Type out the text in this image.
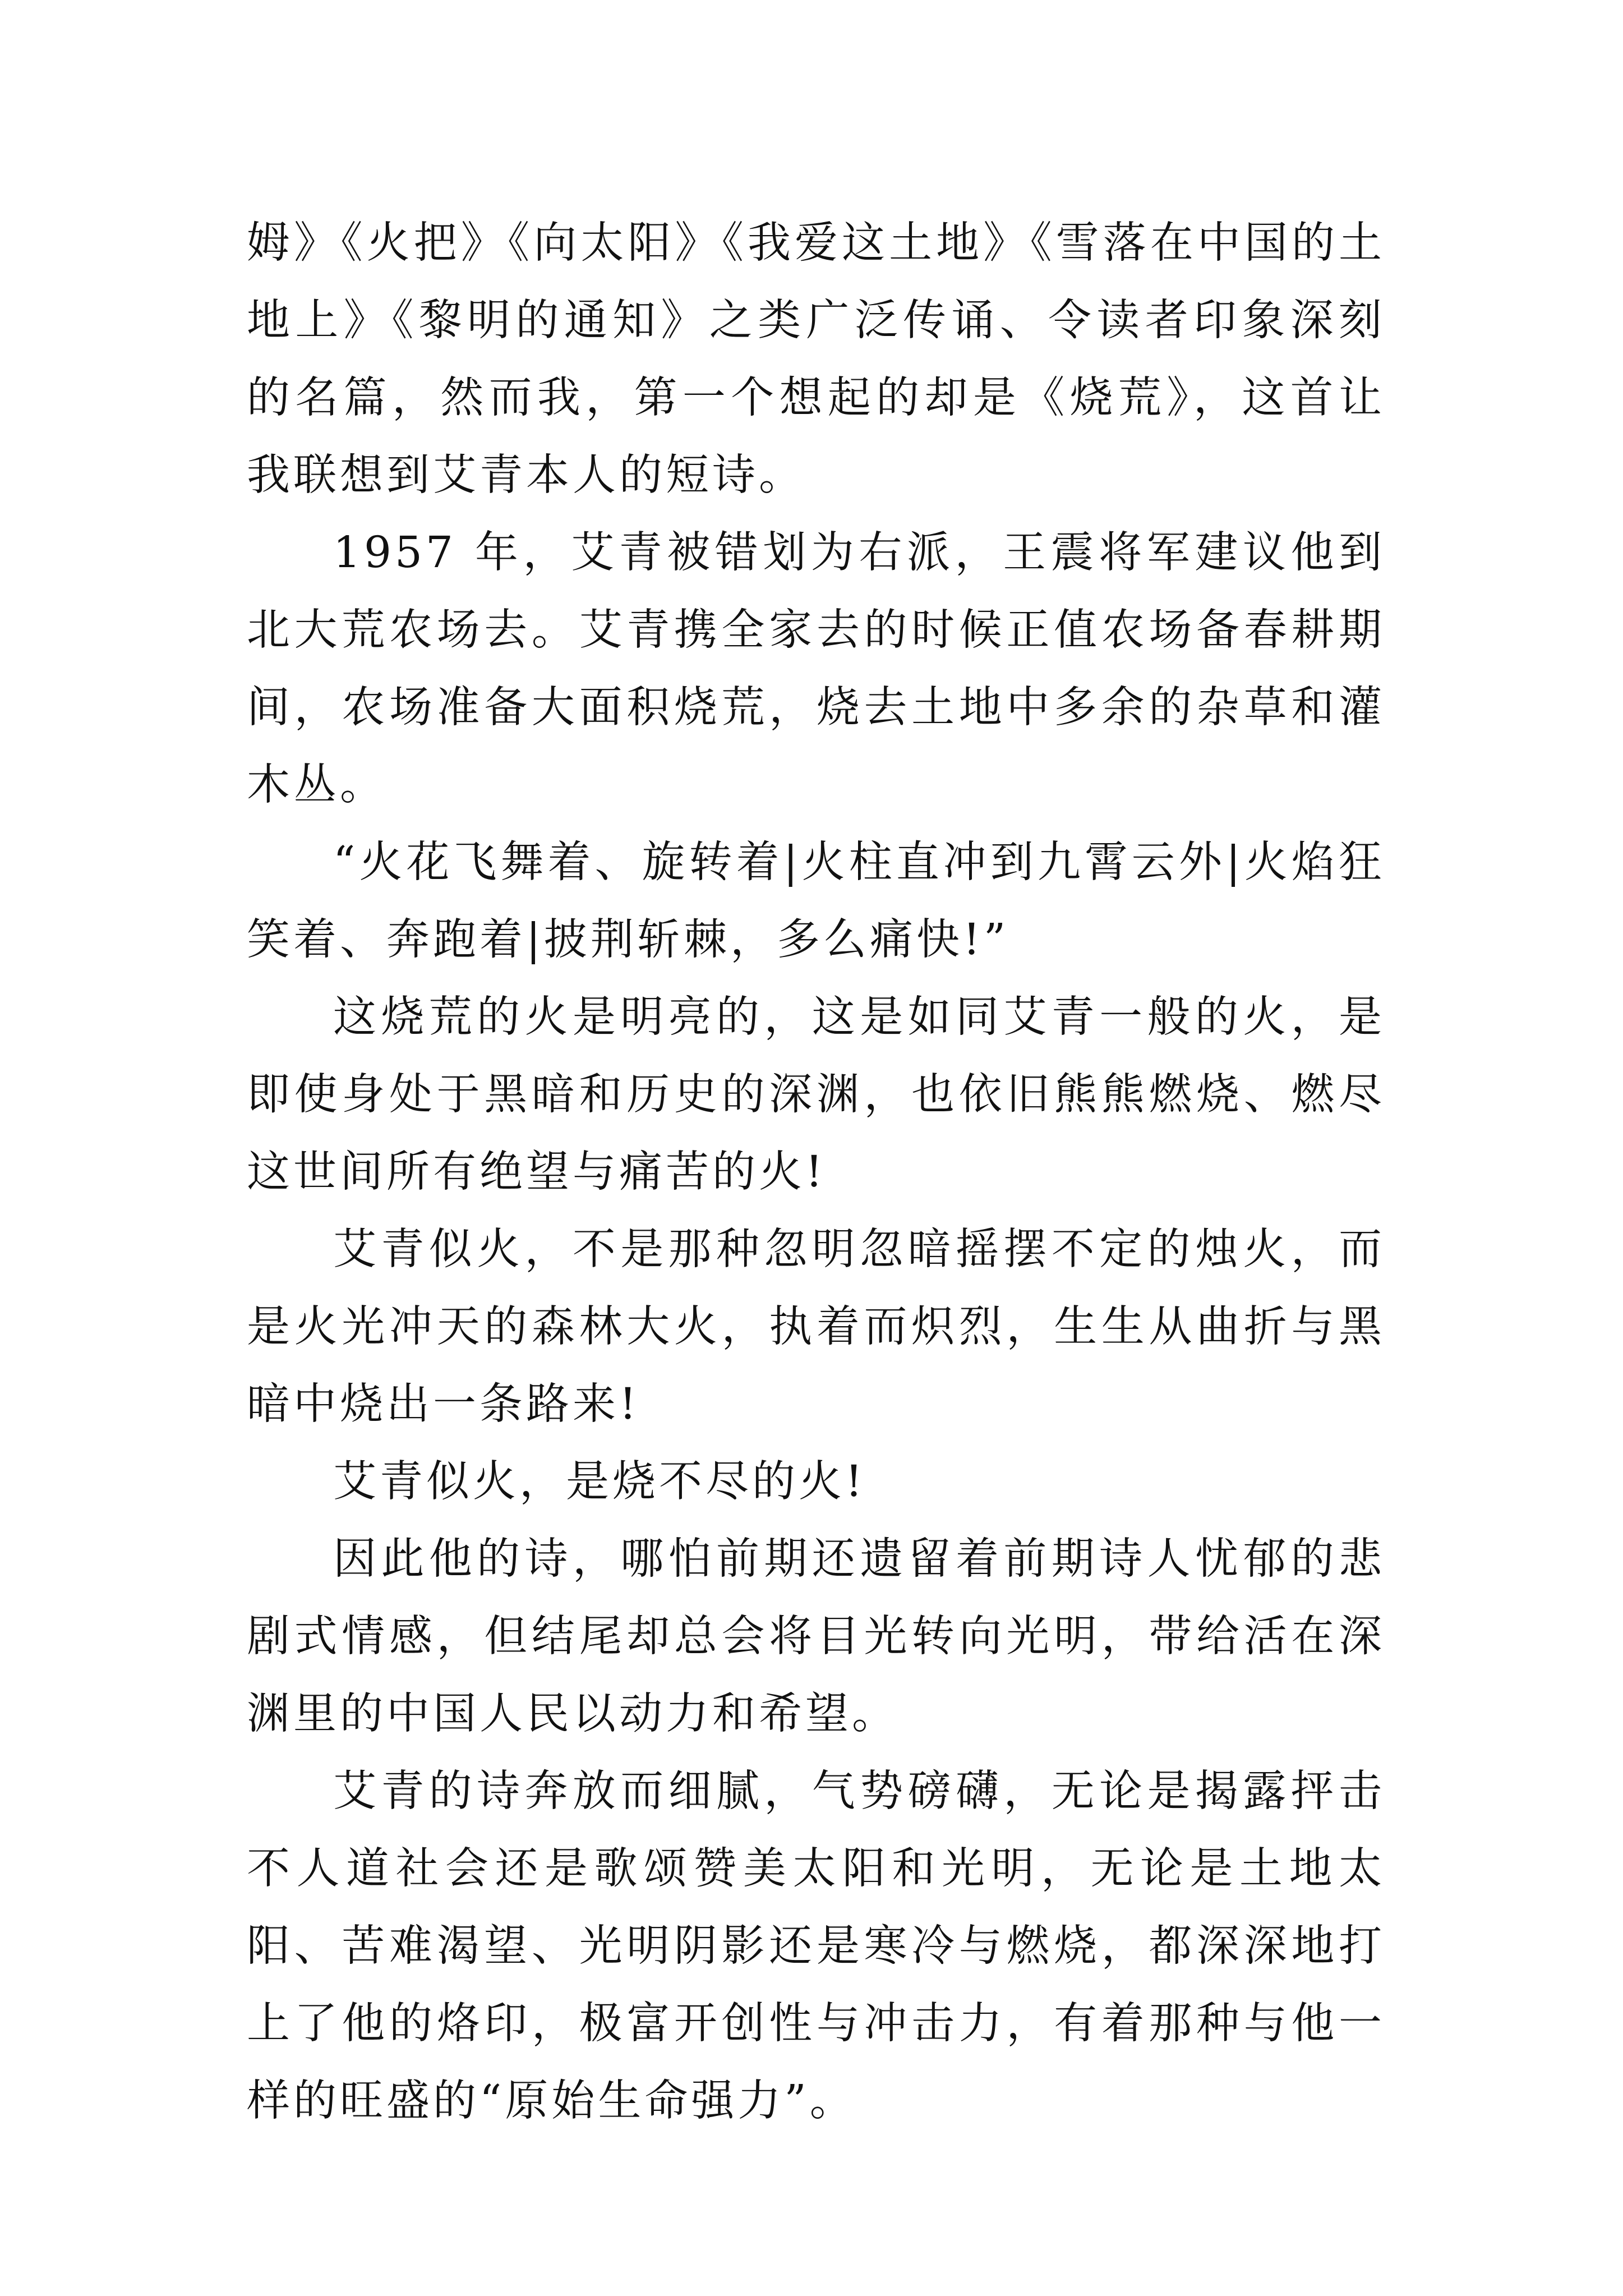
姆》《火把》《向太阳》《我爱这土地》《雪落在中国的土地上》《黎明的通知》之类广泛传诵、令读者印象深刻的名篇，然而我，第一个想起的却是《烧荒》，这首让我联想到艾青本人的短诗。

1957 年，艾青被错划为右派，王震将军建议他到北大荒农场去。艾青携全家去的时候正值农场备春耕期间，农场准备大面积烧荒，烧去土地中多余的杂草和灌木丛。

“火花飞舞着、旋转着|火柱直冲到九霄云外|火焰狂笑着、奔跑着|披荆斩棘，多么痛快!”

这烧荒的火是明亮的，这是如同艾青一般的火，是即使身处于黑暗和历史的深渊，也依旧熊熊燃烧、燃尽这世间所有绝望与痛苦的火!

艾青似火，不是那种忽明忽暗摇摆不定的烛火，而是火光冲天的森林大火，执着而炽烈，生生从曲折与黑暗中烧出一条路来!

艾青似火，是烧不尽的火!

因此他的诗，哪怕前期还遗留着前期诗人忧郁的悲剧式情感，但结尾却总会将目光转向光明，带给活在深渊里的中国人民以动力和希望。

艾青的诗奔放而细腻，气势磅礴，无论是揭露抨击不人道社会还是歌颂赞美太阳和光明，无论是土地太阳、苦难渴望、光明阴影还是寒冷与燃烧，都深深地打上了他的烙印，极富开创性与冲击力，有着那种与他一样的旺盛的“原始生命强力”。
